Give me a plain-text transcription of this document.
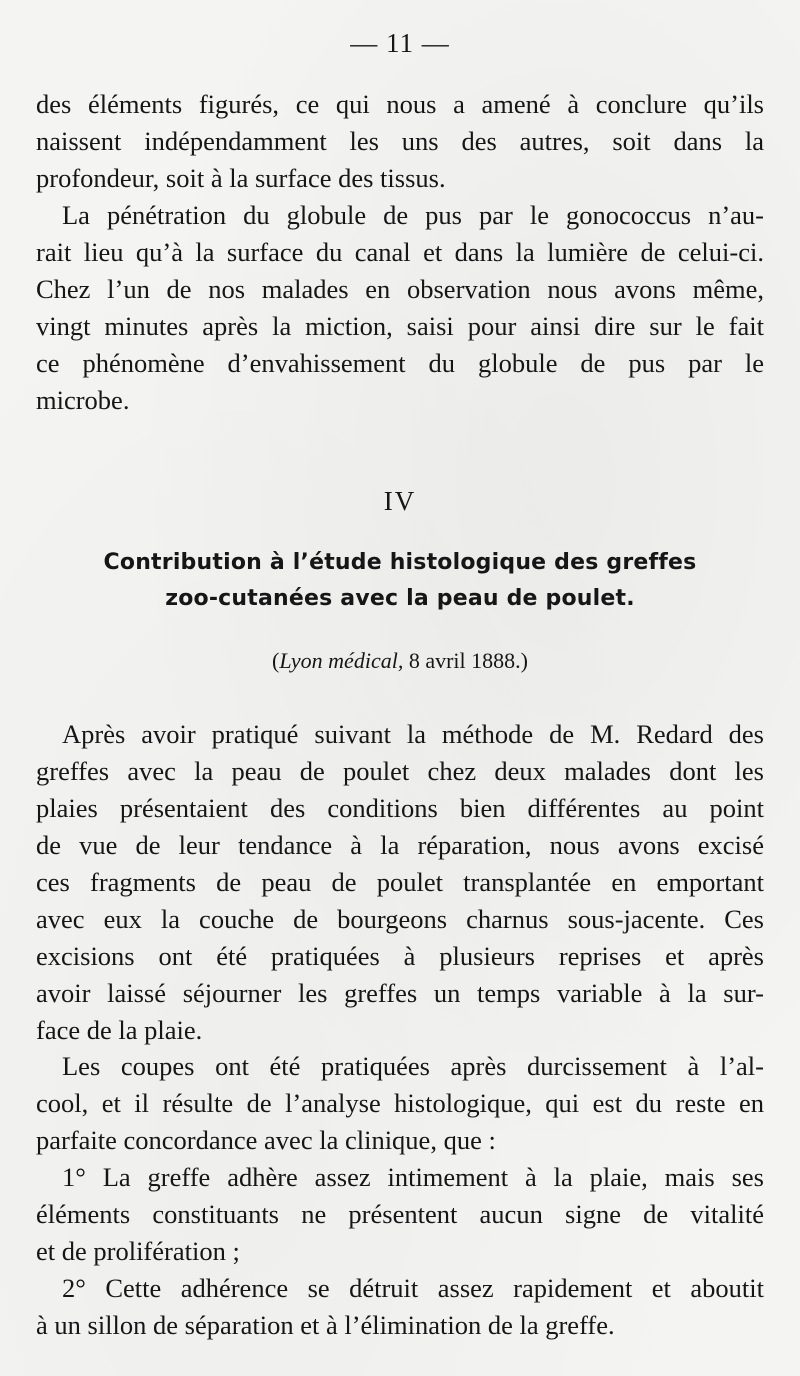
— 11 —
des éléments figurés, ce qui nous a amené à conclure qu’ils
naissent indépendamment les uns des autres, soit dans la
profondeur, soit à la surface des tissus.
La pénétration du globule de pus par le gonococcus n’au-
rait lieu qu’à la surface du canal et dans la lumière de celui-ci.
Chez l’un de nos malades en observation nous avons même,
vingt minutes après la miction, saisi pour ainsi dire sur le fait
ce phénomène d’envahissement du globule de pus par le
microbe.
IV
Contribution à l’étude histologique des greffes
zoo-cutanées avec la peau de poulet.
(Lyon médical, 8 avril 1888.)
Après avoir pratiqué suivant la méthode de M. Redard des
greffes avec la peau de poulet chez deux malades dont les
plaies présentaient des conditions bien différentes au point
de vue de leur tendance à la réparation, nous avons excisé
ces fragments de peau de poulet transplantée en emportant
avec eux la couche de bourgeons charnus sous-jacente. Ces
excisions ont été pratiquées à plusieurs reprises et après
avoir laissé séjourner les greffes un temps variable à la sur-
face de la plaie.
Les coupes ont été pratiquées après durcissement à l’al-
cool, et il résulte de l’analyse histologique, qui est du reste en
parfaite concordance avec la clinique, que :
1° La greffe adhère assez intimement à la plaie, mais ses
éléments constituants ne présentent aucun signe de vitalité
et de prolifération ;
2° Cette adhérence se détruit assez rapidement et aboutit
à un sillon de séparation et à l’élimination de la greffe.
